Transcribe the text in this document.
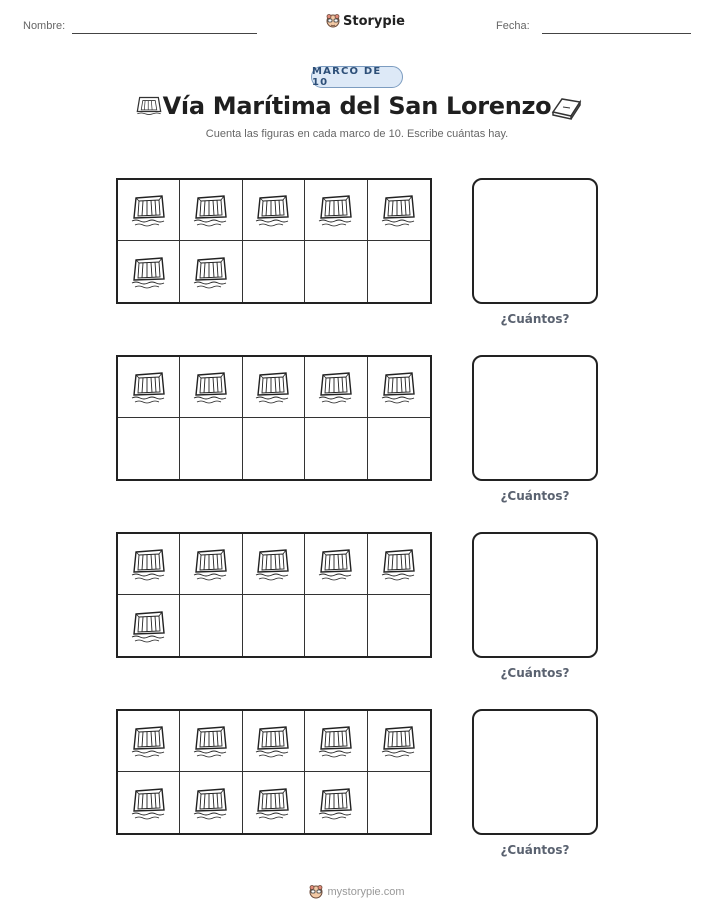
Nombre:	Storypie	Fecha:
MARCO DE 10
Vía Marítima del San Lorenzo
Cuenta las figuras en cada marco de 10. Escribe cuántas hay.
¿Cuántos?
¿Cuántos?
¿Cuántos?
¿Cuántos?
mystorypie.com
